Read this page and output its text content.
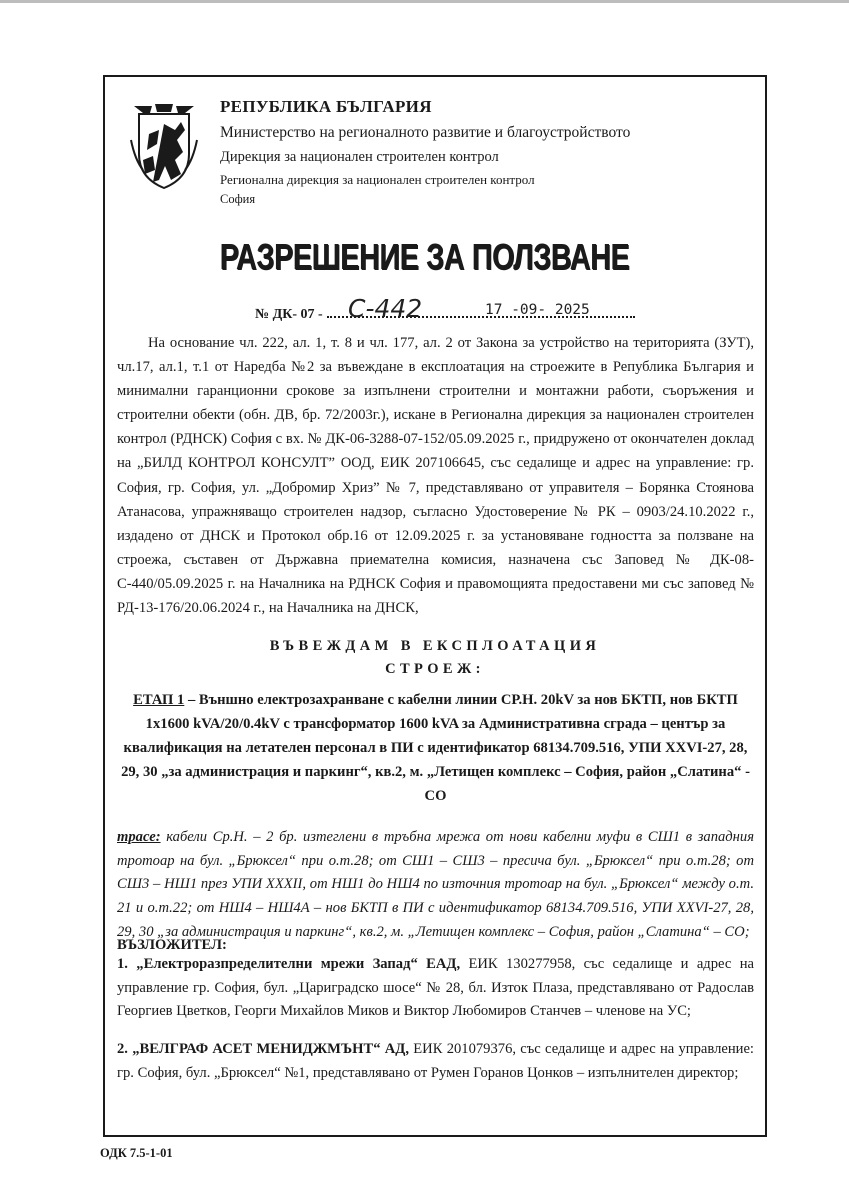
РЕПУБЛИКА БЪЛГАРИЯ
Министерство на регионалното развитие и благоустройството
Дирекция за национален строителен контрол
Регионална дирекция за национален строителен контрол
София
РАЗРЕШЕНИЕ ЗА ПОЛЗВАНЕ
№ ДК- 07 - С-442	17 -09- 2025
На основание чл. 222, ал. 1, т. 8 и чл. 177, ал. 2 от Закона за устройство на територията (ЗУТ), чл.17, ал.1, т.1 от Наредба №2 за въвеждане в експлоатация на строежите в Република България и минимални гаранционни срокове за изпълнени строителни и монтажни работи, съоръжения и строителни обекти (обн. ДВ, бр. 72/2003г.), искане в Регионална дирекция за национален строителен контрол (РДНСК) София с вх. № ДК-06-3288-07-152/05.09.2025 г., придружено от окончателен доклад на „БИЛД КОНТРОЛ КОНСУЛТ” ООД, ЕИК 207106645, със седалище и адрес на управление: гр. София, гр. София, ул. „Добромир Хриз” № 7, представлявано от управителя – Борянка Стоянова Атанасова, упражняващо строителен надзор, съгласно Удостоверение № РК – 0903/24.10.2022 г., издадено от ДНСК и Протокол обр.16 от 12.09.2025 г. за установяване годността за ползване на строежа, съставен от Държавна приемателна комисия, назначена със Заповед № ДК-08-С-440/05.09.2025 г. на Началника на РДНСК София и правомощията предоставени ми със заповед № РД-13-176/20.06.2024 г., на Началника на ДНСК,
ВЪВЕЖДАМ В ЕКСПЛОАТАЦИЯ
СТРОЕЖ:
ЕТАП 1 – Външно електрозахранване с кабелни линии СР.Н. 20kV за нов БКТП, нов БКТП 1x1600 kVA/20/0.4kV с трансформатор 1600 kVA за Административна сграда – център за квалификация на летателен персонал в ПИ с идентификатор 68134.709.516, УПИ XXVI-27, 28, 29, 30 „за администрация и паркинг“, кв.2, м. „Летищен комплекс – София, район „Слатина“ - СО
трасе: кабели Ср.Н. – 2 бр. изтеглени в тръбна мрежа от нови кабелни муфи в СШ1 в западния тротоар на бул. „Брюксел“ при о.т.28; от СШ1 – СШ3 – пресича бул. „Брюксел“ при о.т.28; от СШ3 – НШ1 през УПИ XXXII, от НШ1 до НШ4 по източния тротоар на бул. „Брюксел“ между о.т. 21 и о.т.22; от НШ4 – НШ4А – нов БКТП в ПИ с идентификатор 68134.709.516, УПИ XXVI-27, 28, 29, 30 „за администрация и паркинг“, кв.2, м. „Летищен комплекс – София, район „Слатина“ – СО;
ВЪЗЛОЖИТЕЛ:
1. „Електроразпределителни мрежи Запад“ ЕАД, ЕИК 130277958, със седалище и адрес на управление гр. София, бул. „Цариградско шосе“ № 28, бл. Изток Плаза, представлявано от Радослав Георгиев Цветков, Георги Михайлов Миков и Виктор Любомиров Станчев – членове на УС;
2. „ВЕЛГРАФ АСЕТ МЕНИДЖМЪНТ“ АД, ЕИК 201079376, със седалище и адрес на управление: гр. София, бул. „Брюксел“ №1, представлявано от Румен Горанов Цонков – изпълнителен директор;
ОДК 7.5-1-01
